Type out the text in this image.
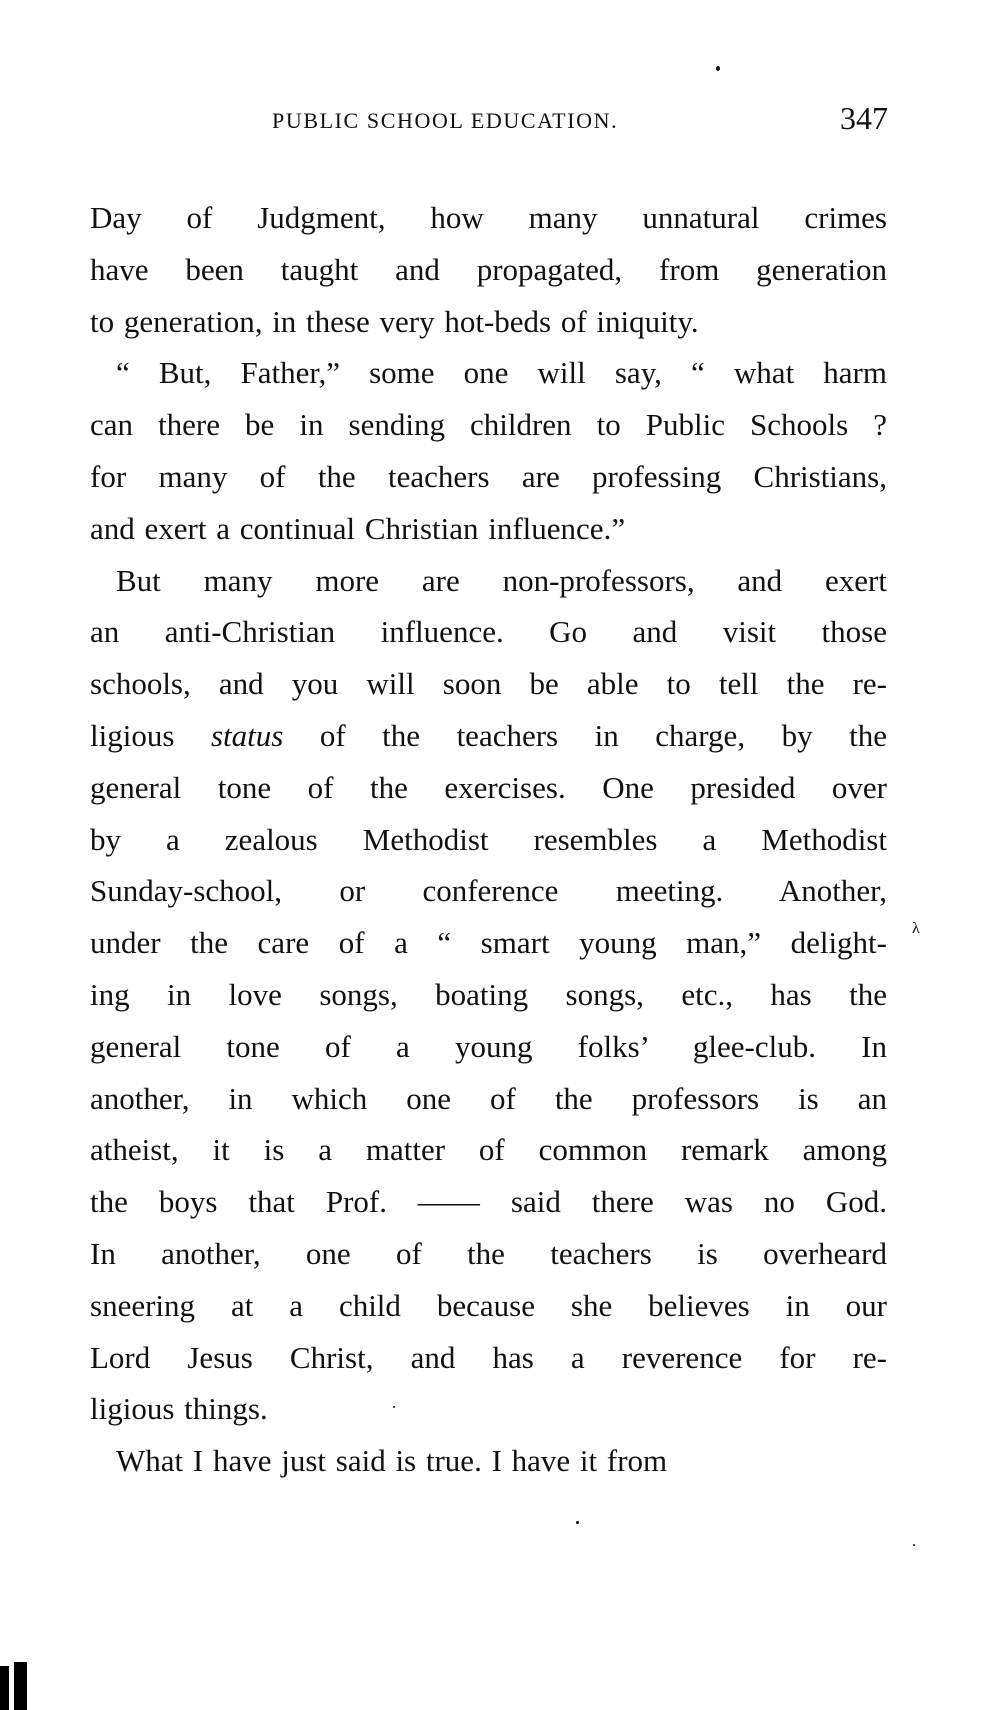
PUBLIC SCHOOL EDUCATION.	347
Day of Judgment, how many unnatural crimes
have been taught and propagated, from generation
to generation, in these very hot-beds of iniquity.
“ But, Father,” some one will say, “ what harm
can there be in sending children to Public Schools ?
for many of the teachers are professing Christians,
and exert a continual Christian influence.”
But many more are non-professors, and exert
an anti-Christian influence. Go and visit those
schools, and you will soon be able to tell the re-
ligious status of the teachers in charge, by the
general tone of the exercises. One presided over
by a zealous Methodist resembles a Methodist
Sunday-school, or conference meeting. Another,
under the care of a “ smart young man,” delight-
ing in love songs, boating songs, etc., has the
general tone of a young folks’ glee-club. In
another, in which one of the professors is an
atheist, it is a matter of common remark among
the boys that Prof. —— said there was no God.
In another, one of the teachers is overheard
sneering at a child because she believes in our
Lord Jesus Christ, and has a reverence for re-
ligious things.
What I have just said is true. I have it from
λ
